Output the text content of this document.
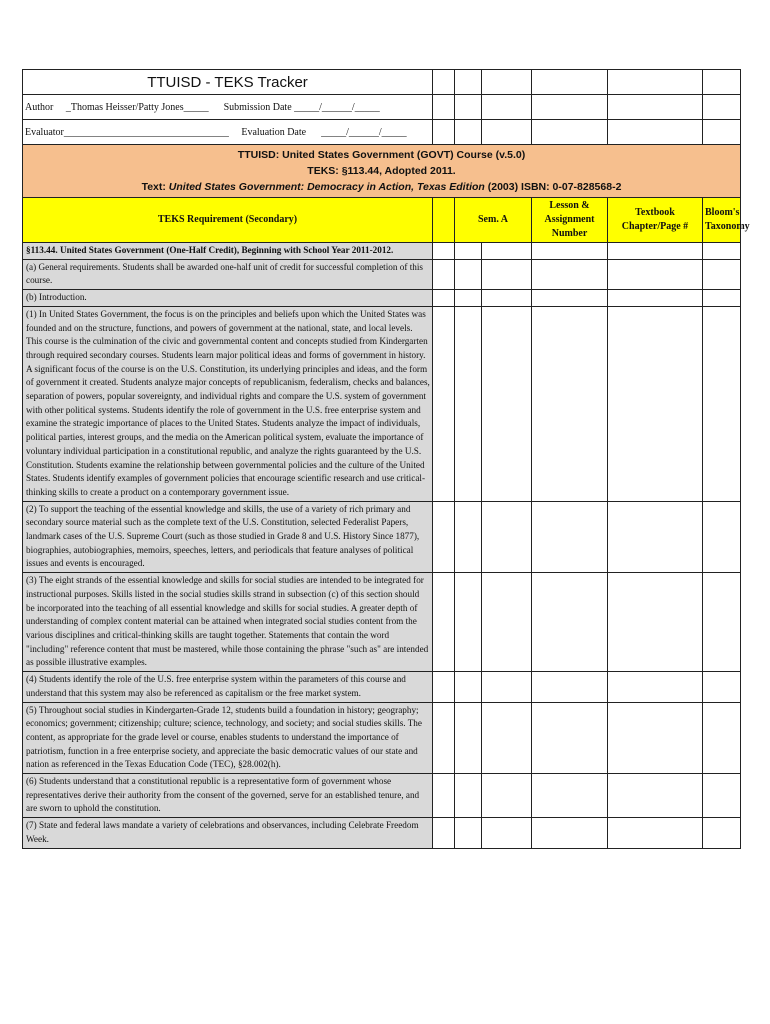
TTUISD - TEKS Tracker						
Author     _Thomas Heisser/Patty Jones_____      Submission Date _____/______/_____						
Evaluator_________________________________     Evaluation Date      _____/______/_____						

TTUISD: United States Government (GOVT) Course (v.5.0)
TEKS: §113.44, Adopted 2011.
Text: United States Government: Democracy in Action, Texas Edition (2003) ISBN: 0-07-828568-2						

TEKS Requirement (Secondary)		Sem. A		Lesson & Assignment Number	Textbook Chapter/Page #	Bloom's Taxonomy
§113.44. United States Government (One-Half Credit), Beginning with School Year 2011-2012.						
(a) General requirements. Students shall be awarded one-half unit of credit for successful completion of this course.						
(b) Introduction.						
(1) In United States Government, the focus is on the principles and beliefs upon which the United States was founded and on the structure, functions, and powers of government at the national, state, and local levels. This course is the culmination of the civic and governmental content and concepts studied from Kindergarten through required secondary courses. Students learn major political ideas and forms of government in history. A significant focus of the course is on the U.S. Constitution, its underlying principles and ideas, and the form of government it created. Students analyze major concepts of republicanism, federalism, checks and balances, separation of powers, popular sovereignty, and individual rights and compare the U.S. system of government with other political systems. Students identify the role of government in the U.S. free enterprise system and examine the strategic importance of places to the United States. Students analyze the impact of individuals, political parties, interest groups, and the media on the American political system, evaluate the importance of voluntary individual participation in a constitutional republic, and analyze the rights guaranteed by the U.S. Constitution. Students examine the relationship between governmental policies and the culture of the United States. Students identify examples of government policies that encourage scientific research and use critical-thinking skills to create a product on a contemporary government issue.						
(2) To support the teaching of the essential knowledge and skills, the use of a variety of rich primary and secondary source material such as the complete text of the U.S. Constitution, selected Federalist Papers, landmark cases of the U.S. Supreme Court (such as those studied in Grade 8 and U.S. History Since 1877), biographies, autobiographies, memoirs, speeches, letters, and periodicals that feature analyses of political issues and events is encouraged.						
(3) The eight strands of the essential knowledge and skills for social studies are intended to be integrated for instructional purposes. Skills listed in the social studies skills strand in subsection (c) of this section should be incorporated into the teaching of all essential knowledge and skills for social studies. A greater depth of understanding of complex content material can be attained when integrated social studies content from the various disciplines and critical-thinking skills are taught together. Statements that contain the word "including" reference content that must be mastered, while those containing the phrase "such as" are intended as possible illustrative examples.						
(4) Students identify the role of the U.S. free enterprise system within the parameters of this course and understand that this system may also be referenced as capitalism or the free market system.						
(5) Throughout social studies in Kindergarten-Grade 12, students build a foundation in history; geography; economics; government; citizenship; culture; science, technology, and society; and social studies skills. The content, as appropriate for the grade level or course, enables students to understand the importance of patriotism, function in a free enterprise society, and appreciate the basic democratic values of our state and nation as referenced in the Texas Education Code (TEC), §28.002(h).						
(6) Students understand that a constitutional republic is a representative form of government whose representatives derive their authority from the consent of the governed, serve for an established tenure, and are sworn to uphold the constitution.						
(7) State and federal laws mandate a variety of celebrations and observances, including Celebrate Freedom Week.						
